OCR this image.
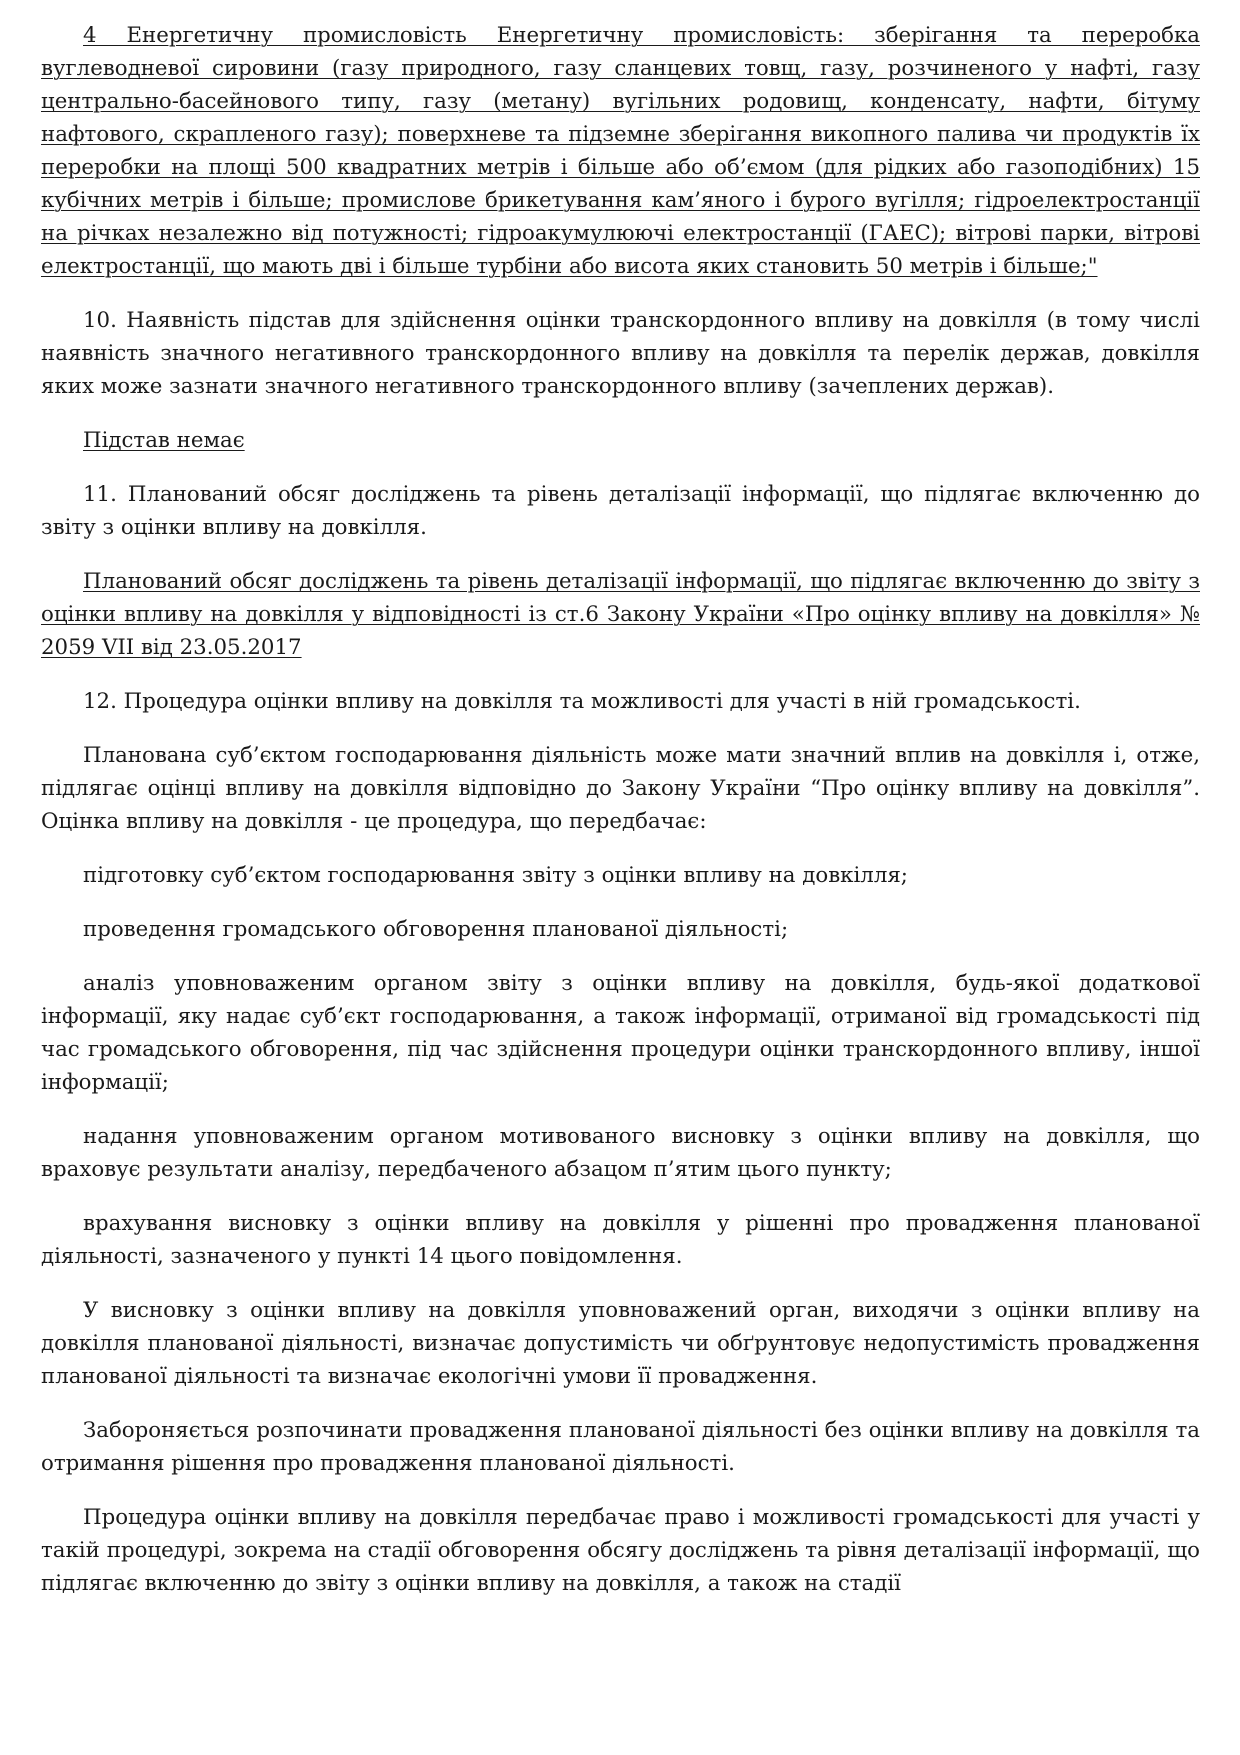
4 Енергетичну промисловість Енергетичну промисловість: зберігання та переробка вуглеводневої сировини (газу природного, газу сланцевих товщ, газу, розчиненого у нафті, газу центрально-басейнового типу, газу (метану) вугільних родовищ, конденсату, нафти, бітуму нафтового, скрапленого газу); поверхневе та підземне зберігання викопного палива чи продуктів їх переробки на площі 500 квадратних метрів і більше або об’ємом (для рідких або газоподібних) 15 кубічних метрів і більше; промислове брикетування кам’яного і бурого вугілля; гідроелектростанції на річках незалежно від потужності; гідроакумулюючі електростанції (ГАЕС); вітрові парки, вітрові електростанції, що мають дві і більше турбіни або висота яких становить 50 метрів і більше;"

10. Наявність підстав для здійснення оцінки транскордонного впливу на довкілля (в тому числі наявність значного негативного транскордонного впливу на довкілля та перелік держав, довкілля яких може зазнати значного негативного транскордонного впливу (зачеплених держав).

Підстав немає

11. Планований обсяг досліджень та рівень деталізації інформації, що підлягає включенню до звіту з оцінки впливу на довкілля.

Планований обсяг досліджень та рівень деталізації інформації, що підлягає включенню до звіту з оцінки впливу на довкілля у відповідності із ст.6 Закону України «Про оцінку впливу на довкілля» № 2059 VІІ від 23.05.2017

12. Процедура оцінки впливу на довкілля та можливості для участі в ній громадськості.

Планована суб’єктом господарювання діяльність може мати значний вплив на довкілля і, отже, підлягає оцінці впливу на довкілля відповідно до Закону України “Про оцінку впливу на довкілля”. Оцінка впливу на довкілля - це процедура, що передбачає:

підготовку суб’єктом господарювання звіту з оцінки впливу на довкілля;

проведення громадського обговорення планованої діяльності;

аналіз уповноваженим органом звіту з оцінки впливу на довкілля, будь-якої додаткової інформації, яку надає суб’єкт господарювання, а також інформації, отриманої від громадськості під час громадського обговорення, під час здійснення процедури оцінки транскордонного впливу, іншої інформації;

надання уповноваженим органом мотивованого висновку з оцінки впливу на довкілля, що враховує результати аналізу, передбаченого абзацом п’ятим цього пункту;

врахування висновку з оцінки впливу на довкілля у рішенні про провадження планованої діяльності, зазначеного у пункті 14 цього повідомлення.

У висновку з оцінки впливу на довкілля уповноважений орган, виходячи з оцінки впливу на довкілля планованої діяльності, визначає допустимість чи обґрунтовує недопустимість провадження планованої діяльності та визначає екологічні умови її провадження.

Забороняється розпочинати провадження планованої діяльності без оцінки впливу на довкілля та отримання рішення про провадження планованої діяльності.

Процедура оцінки впливу на довкілля передбачає право і можливості громадськості для участі у такій процедурі, зокрема на стадії обговорення обсягу досліджень та рівня деталізації інформації, що підлягає включенню до звіту з оцінки впливу на довкілля, а також на стадії
